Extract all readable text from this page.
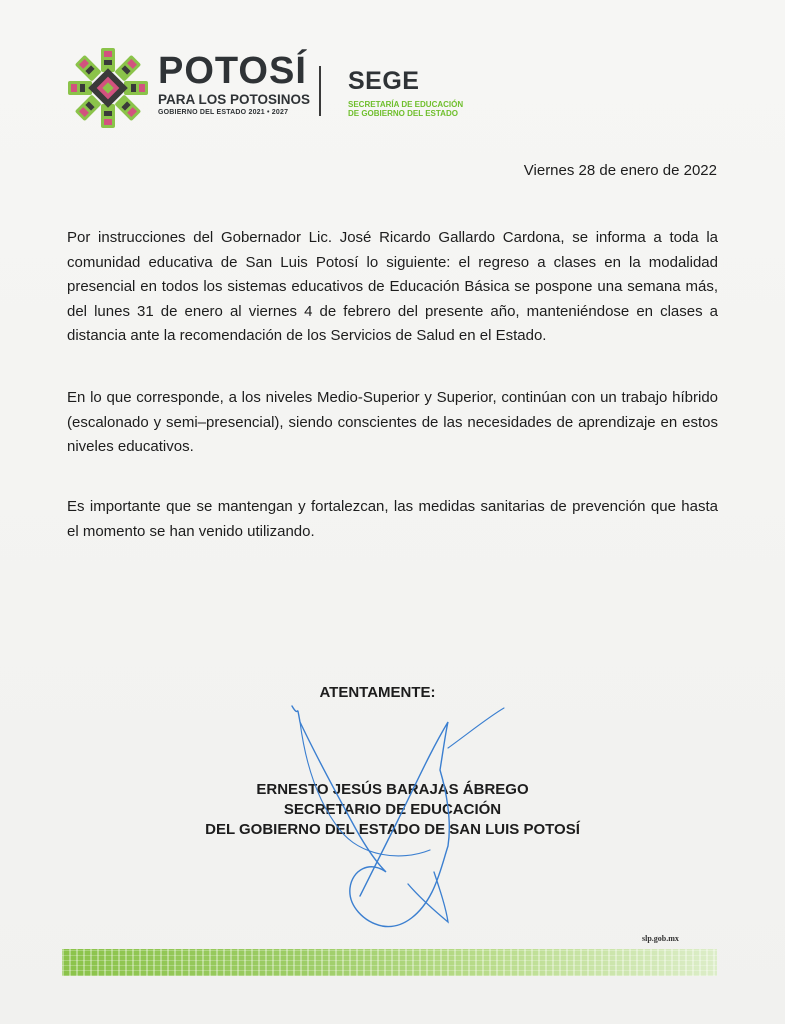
POTOSÍ
PARA LOS POTOSINOS
GOBIERNO DEL ESTADO 2021 • 2027
SEGE
SECRETARÍA DE EDUCACIÓN
DE GOBIERNO DEL ESTADO
Viernes 28 de enero de 2022
Por instrucciones del Gobernador Lic. José Ricardo Gallardo Cardona, se informa a toda la comunidad educativa de San Luis Potosí lo siguiente: el regreso a clases en la modalidad presencial en todos los sistemas educativos de Educación Básica se pospone una semana más, del lunes 31 de enero al viernes 4 de febrero del presente año, manteniéndose en clases a distancia ante la recomendación de los Servicios de Salud en el Estado.
En lo que corresponde, a los niveles Medio-Superior y Superior, continúan con un trabajo híbrido (escalonado y semi–presencial), siendo conscientes de las necesidades de aprendizaje en estos niveles educativos.
Es importante que se mantengan y fortalezcan, las medidas sanitarias de prevención que hasta el momento se han venido utilizando.
ATENTAMENTE:
ERNESTO JESÚS BARAJAS ÁBREGO
SECRETARIO DE EDUCACIÓN
DEL GOBIERNO DEL ESTADO DE SAN LUIS POTOSÍ
slp.gob.mx
